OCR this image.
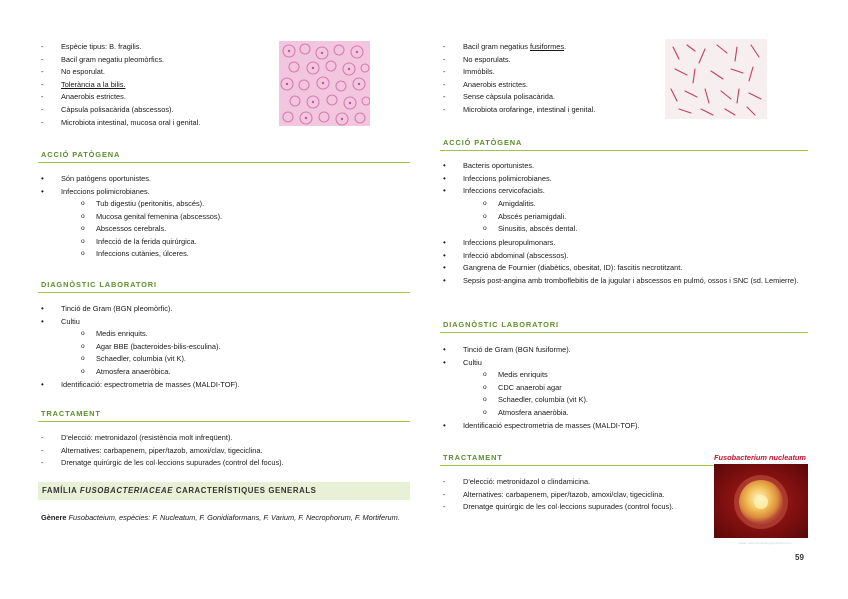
- Espècie tipus: B. fragilis.
- Bacil gram negatiu pleomòrfics.
- No esporulat.
- Tolerància a la bilis.
- Anaerobis estrictes.
- Càpsula polisacàrida (abscessos).
- Microbiota intestinal, mucosa oral i genital.
ACCIÓ PATÒGENA
• Són patògens oportunistes.
• Infeccions polimicrobianes.
o Tub digestiu (peritonitis, abscés).
o Mucosa genital femenina (abscessos).
o Abscessos cerebrals.
o Infecció de la ferida quirúrgica.
o Infeccions cutànies, úlceres.
DIAGNÒSTIC LABORATORI
• Tinció de Gram (BGN pleomòrfic).
• Cultiu
o Medis enriquits.
o Agar BBE (bacteroides-bilis-esculina).
o Schaedler, columbia (vit K).
o Atmosfera anaeròbica.
• Identificació: espectrometria de masses (MALDI-TOF).
TRACTAMENT
- D'elecció: metronidazol (resistència molt infreqüent).
- Alternatives: carbapenem, piper/tazob, amoxi/clav, tigeciclina.
- Drenatge quirúrgic de les col·leccions supurades (control del focus).
FAMÍLIA FUSOBACTERIACEAE CARACTERÍSTIQUES GENERALS
Gènere Fusobacteium, espècies: F. Nucleatum, F. Gonidiaformans, F. Varium, F. Necrophorum, F. Mortiferum.
- Bacil gram negatius fusiformes.
- No esporulats.
- Immòbils.
- Anaerobis estrictes.
- Sense càpsula polisacàrida.
- Microbiota orofaringe, intestinal i genital.
ACCIÓ PATÒGENA
• Bacteris oportunistes.
• Infeccions polimicrobianes.
• Infeccions cervicofacials.
o Amigdalitis.
o Abscés periamigdali.
o Sinusitis, abscés dental.
• Infeccions pleuropulmonars.
• Infecció abdominal (abscessos).
• Gangrena de Fournier (diabètics, obesitat, ID): fascitis necrotitzant.
• Sepsis post-angina amb tromboflebitis de la jugular i abscessos en pulmó, ossos i SNC (sd. Lemierre).
DIAGNÒSTIC LABORATORI
• Tinció de Gram (BGN fusiforme).
• Cultiu
o Medis enriquits
o CDC anaerobi agar
o Schaedler, columbia (vit K).
o Atmosfera anaeròbia.
• Identificació espectrometria de masses (MALDI-TOF).
TRACTAMENT
- D'elecció: metronidazol o clindamicina.
- Alternatives: carbapenem, piper/tazob, amoxi/clav, tigeciclina.
- Drenatge quirúrgic de les col·leccions supurades (control focus).
Fusobacterium nucleatum
Image: www.microbiologyinpictures.com
59
